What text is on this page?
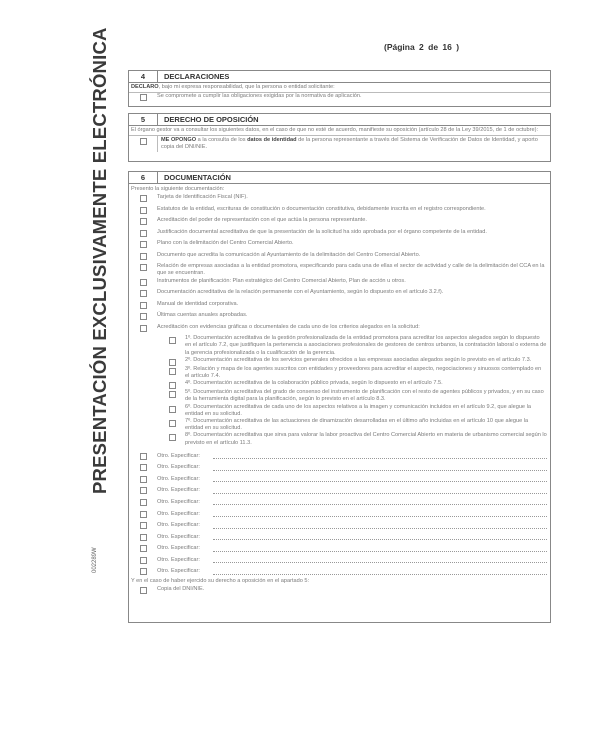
(Página 2 de 16 )
PRESENTACIÓN EXCLUSIVAMENTE ELECTRÓNICA
002289W
4	DECLARACIONES
DECLARO, bajo mi expresa responsabilidad, que la persona o entidad solicitante:
Se compromete a cumplir las obligaciones exigidas por la normativa de aplicación.
5	DERECHO DE OPOSICIÓN
El órgano gestor va a consultar los siguientes datos, en el caso de que no esté de acuerdo, manifieste su oposición (artículo 28 de la Ley 39/2015, de 1 de octubre):
ME OPONGO a la consulta de los datos de identidad de la persona representante a través del Sistema de Verificación de Datos de Identidad, y aporto copia del DNI/NIE.
6	DOCUMENTACIÓN
Presento la siguiente documentación:
Tarjeta de Identificación Fiscal (NIF).
Estatutos de la entidad, escrituras de constitución o documentación constitutiva, debidamente inscrita en el registro correspondiente.
Acreditación del poder de representación con el que actúa la persona representante.
Justificación documental acreditativa de que la presentación de la solicitud ha sido aprobada por el órgano competente de la entidad.
Plano con la delimitación del Centro Comercial Abierto.
Documento que acredita la comunicación al Ayuntamiento de la delimitación del Centro Comercial Abierto.
Relación de empresas asociadas a la entidad promotora, especificando para cada una de ellas el sector de actividad y calle de la delimitación del CCA en la que se encuentran.
Instrumentos de planificación: Plan estratégico del Centro Comercial Abierto, Plan de acción u otros.
Documentación acreditativa de la relación permanente con el Ayuntamiento, según lo dispuesto en el artículo 3.2.f).
Manual de identidad corporativa.
Últimas cuentas anuales aprobadas.
Acreditación con evidencias gráficas o documentales de cada uno de los criterios alegados en la solicitud:
1º. Documentación acreditativa de la gestión profesionalizada de la entidad promotora para acreditar los aspectos alegados según lo dispuesto en el artículo 7.2, que justifiquen la pertenencia a asociaciones profesionales de gestores de centros urbanos, la contratación laboral o externa de la gerencia profesionalizada o la cualificación de la gerencia.
2º. Documentación acreditativa de los servicios generales ofrecidos a las empresas asociadas alegados según lo previsto en el artículo 7.3.
3º. Relación y mapa de los agentes suscritos con entidades y proveedores para acreditar el aspecto, negociaciones y sinuosos contemplado en el artículo 7.4.
4º. Documentación acreditativa de la colaboración público privada, según lo dispuesto en el artículo 7.5.
5º. Documentación acreditativa del grado de consenso del instrumento de planificación con el resto de agentes públicos y privados, y en su caso de la herramienta digital para la planificación, según lo previsto en el artículo 8.3.
6º. Documentación acreditativa de cada uno de los aspectos relativos a la imagen y comunicación incluidos en el artículo 9.2, que alegue la entidad en su solicitud.
7º. Documentación acreditativa de las actuaciones de dinamización desarrolladas en el último año incluidas en el artículo 10 que alegue la entidad en su solicitud.
8º. Documentación acreditativa que sirva para valorar la labor proactiva del Centro Comercial Abierto en materia de urbanismo comercial según lo previsto en el artículo 11.3.
Otro. Especificar:
Otro. Especificar:
Otro. Especificar:
Otro. Especificar:
Otro. Especificar:
Otro. Especificar:
Otro. Especificar:
Otro. Especificar:
Otro. Especificar:
Otro. Especificar:
Otro. Especificar:
Y en el caso de haber ejercido su derecho a oposición en el apartado 5:
Copia del DNI/NIE.
